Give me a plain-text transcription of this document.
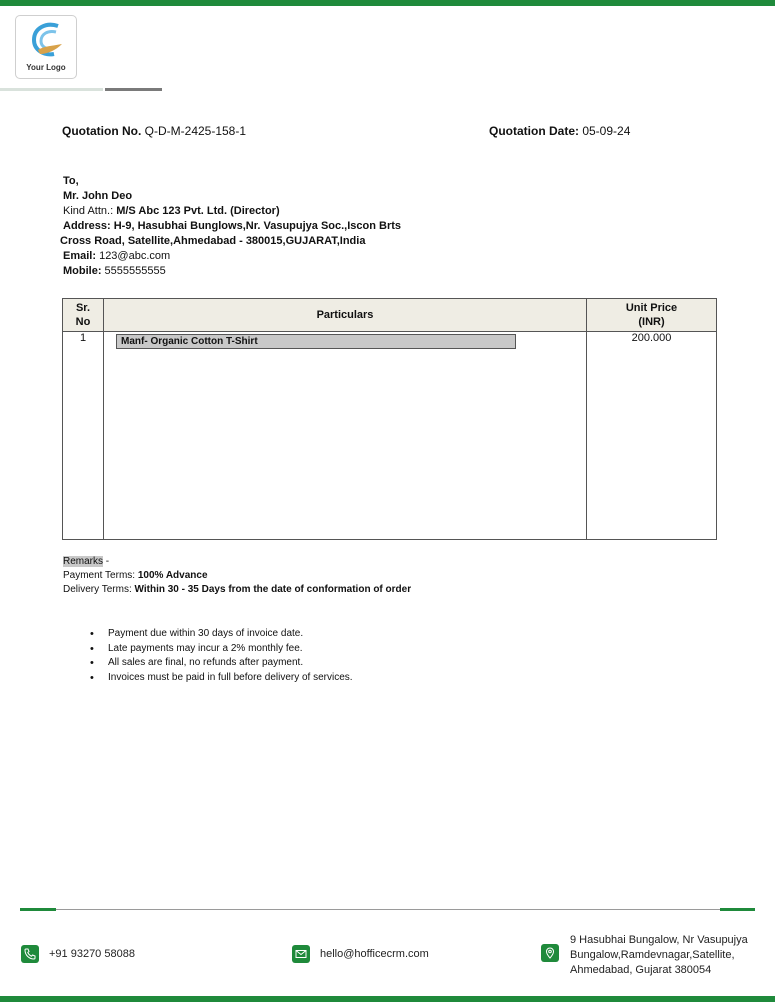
Your Logo
Quotation No. Q-D-M-2425-158-1	Quotation Date: 05-09-24
To,
Mr. John Deo
Kind Attn.: M/S Abc 123 Pvt. Ltd. (Director)
Address: H-9, Hasubhai Bunglows,Nr. Vasupujya Soc.,Iscon Brts
Cross Road, Satellite,Ahmedabad - 380015,GUJARAT,India
Email: 123@abc.com
Mobile: 5555555555
Sr.
No	Particulars	Unit Price
(INR)
1	Manf- Organic Cotton T-Shirt	200.000
Remarks -
Payment Terms: 100% Advance
Delivery Terms: Within 30 - 35 Days from the date of conformation of order
• Payment due within 30 days of invoice date.
• Late payments may incur a 2% monthly fee.
• All sales are final, no refunds after payment.
• Invoices must be paid in full before delivery of services.
+91 93270 58088	hello@hofficecrm.com
9 Hasubhai Bungalow, Nr Vasupujya
Bungalow,Ramdevnagar,Satellite,
Ahmedabad, Gujarat 380054
